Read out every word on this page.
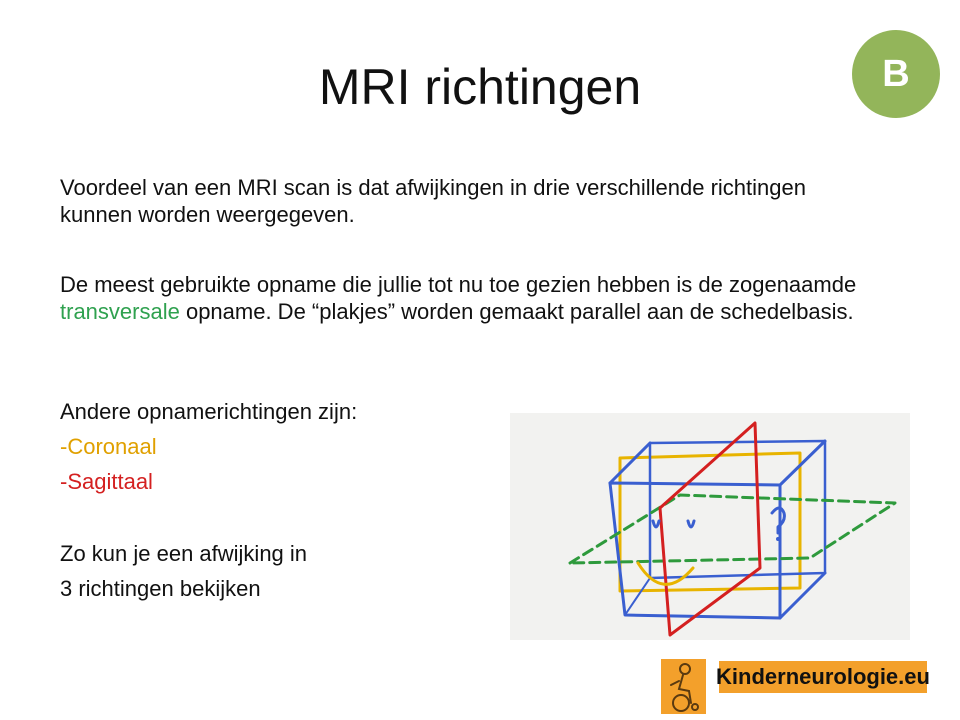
MRI richtingen	B
Voordeel van een MRI scan is dat afwijkingen in drie verschillende richtingen kunnen worden weergegeven.
De meest gebruikte opname die jullie tot nu toe gezien hebben is de zogenaamde transversale opname. De “plakjes” worden gemaakt parallel aan de schedelbasis.
Andere opnamerichtingen zijn:
-Coronaal
-Sagittaal
Zo kun je een afwijking in
3 richtingen bekijken
Kinderneurologie.eu
